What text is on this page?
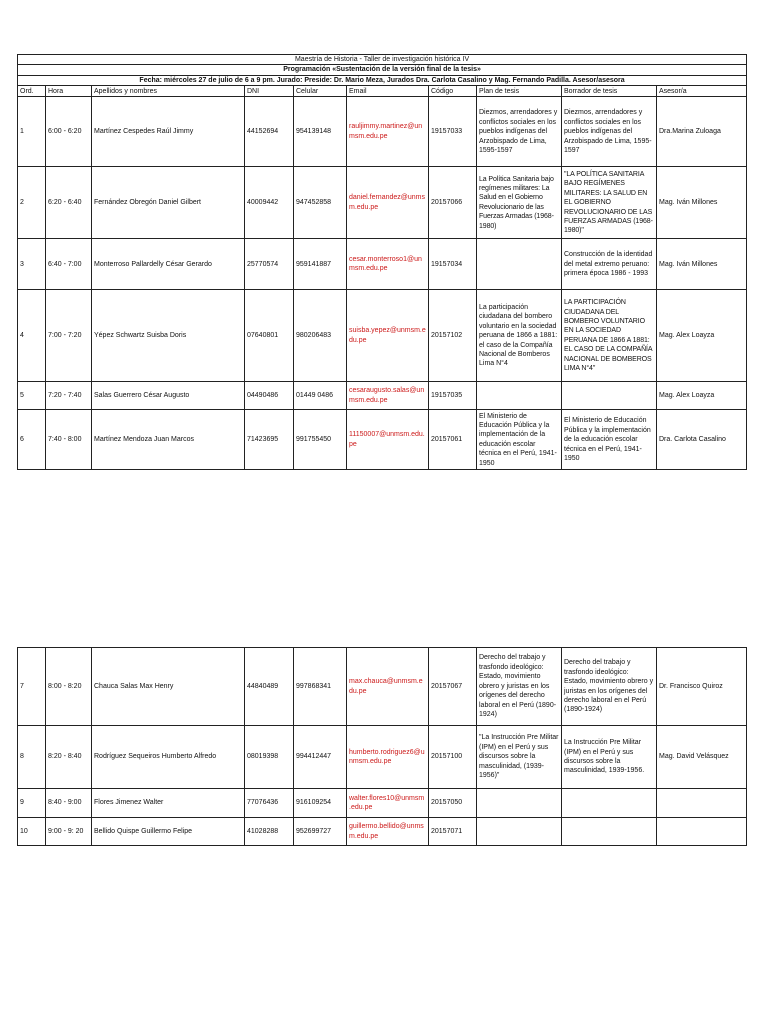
Maestría de Historia - Taller de investigación histórica IV									
Programación «Sustentación de la versión final de la tesis»									
Fecha: miércoles 27 de julio de 6 a 9 pm. Jurado: Preside: Dr. Mario Meza, Jurados Dra. Carlota Casalino y Mag. Fernando Padilla. Asesor/asesora									
Ord.	Hora	Apellidos y nombres	DNI	Celular	Email	Código	Plan de tesis	Borrador de tesis	Asesor/a
1	6:00 - 6:20	Martínez Cespedes Raúl Jimmy	44152694	954139148	rauljimmy.martinez@unmsm.edu.pe	19157033	Diezmos, arrendadores y conflictos sociales en los pueblos indígenas del Arzobispado de Lima, 1595-1597	Diezmos, arrendadores y conflictos sociales en los pueblos indígenas del Arzobispado de Lima, 1595-1597	Dra.Marina Zuloaga
2	6:20 - 6:40	Fernández Obregón Daniel Gilbert	40009442	947452858	daniel.fernandez@unmsm.edu.pe	20157066	La Política Sanitaria bajo regímenes militares: La Salud en el Gobierno Revolucionario de las Fuerzas Armadas (1968-1980)	"LA POLÍTICA SANITARIA BAJO REGÍMENES MILITARES: LA SALUD EN EL GOBIERNO REVOLUCIONARIO DE LAS FUERZAS ARMADAS (1968-1980)"	Mag. Iván Millones
3	6:40 - 7:00	Monterroso Pallardelly César Gerardo	25770574	959141887	cesar.monterroso1@unmsm.edu.pe	19157034		Construcción de la identidad del metal extremo peruano: primera época 1986 - 1993	Mag. Iván Millones
4	7:00 - 7:20	Yépez Schwartz Suisba Doris	07640801	980206483	suisba.yepez@unmsm.edu.pe	20157102	La participación ciudadana del bombero voluntario en la sociedad peruana de 1866 a 1881: el caso de la Compañía Nacional de Bomberos Lima N°4	LA PARTICIPACIÓN CIUDADANA DEL BOMBERO VOLUNTARIO EN LA SOCIEDAD PERUANA DE 1866 A 1881: EL CASO DE LA COMPAÑÍA NACIONAL DE BOMBEROS LIMA N°4"	Mag. Alex Loayza
5	7:20 - 7:40	Salas Guerrero César Augusto	04490486	01449 0486	cesaraugusto.salas@unmsm.edu.pe	19157035			Mag. Alex Loayza
6	7:40 - 8:00	Martínez Mendoza Juan Marcos	71423695	991755450	11150007@unmsm.edu.pe	20157061	El Ministerio de Educación Pública y la implementación de la educación escolar técnica en el Perú, 1941-1950	El Ministerio de Educación Pública y la implementación de la educación escolar técnica en el Perú, 1941-1950	Dra. Carlota Casalino
7	8:00 - 8:20	Chauca Salas Max Henry	44840489	997868341	max.chauca@unmsm.edu.pe	20157067	Derecho del trabajo y trasfondo ideológico: Estado, movimiento obrero y juristas en los orígenes del derecho laboral en el Perú (1890-1924)	Derecho del trabajo y trasfondo ideológico: Estado, movimiento obrero y juristas en los orígenes del derecho laboral en el Perú (1890-1924)	Dr. Francisco Quiroz
8	8:20 - 8:40	Rodríguez Sequeiros Humberto Alfredo	08019398	994412447	humberto.rodriguez6@unmsm.edu.pe	20157100	"La Instrucción Pre Militar (IPM) en el Perú y sus discursos sobre la masculinidad, (1939-1956)"	La Instrucción Pre Militar (IPM) en el Perú y sus discursos sobre la masculinidad, 1939-1956.	Mag. David Velásquez
9	8:40 - 9:00	Flores Jimenez Walter	77076436	916109254	walter.flores10@unmsm.edu.pe	20157050			
10	9:00 - 9: 20	Bellido Quispe Guillermo Felipe	41028288	952699727	guillermo.bellido@unmsm.edu.pe	20157071			
